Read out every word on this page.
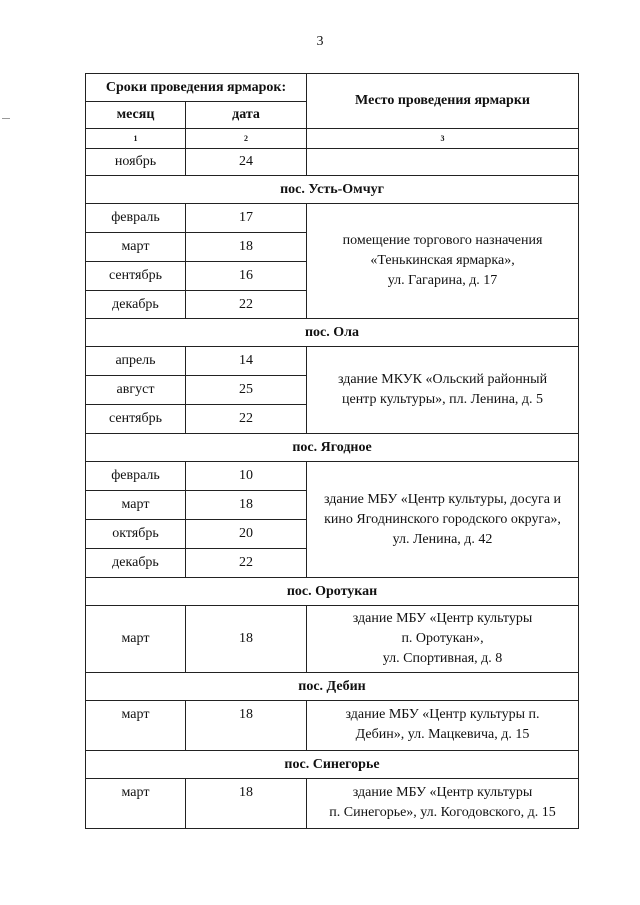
3
Сроки проведения ярмарок:		Место проведения ярмарки
месяц	дата	
1	2	3
ноябрь	24	
пос. Усть-Омчуг		
февраль	17	помещение торгового назначения
«Тенькинская ярмарка»,
ул. Гагарина, д. 17

март	18	
сентябрь	16	
декабрь	22	
пос. Ола		
апрель	14	здание МКУК «Ольский районный
центр культуры», пл. Ленина, д. 5

август	25	
сентябрь	22	
пос. Ягодное		
февраль	10	здание МБУ «Центр культуры, досуга и
кино Ягоднинского городского округа»,
ул. Ленина, д. 42

март	18	
октябрь	20	
декабрь	22	
пос. Оротукан		
март	18	здание МБУ «Центр культуры
п. Оротукан»,
ул. Спортивная, д. 8

пос. Дебин		
март	18	здание МБУ «Центр культуры п.
Дебин», ул. Мацкевича, д. 15

пос. Синегорье		
март	18	здание МБУ «Центр культуры
п. Синегорье», ул. Когодовского, д. 15
